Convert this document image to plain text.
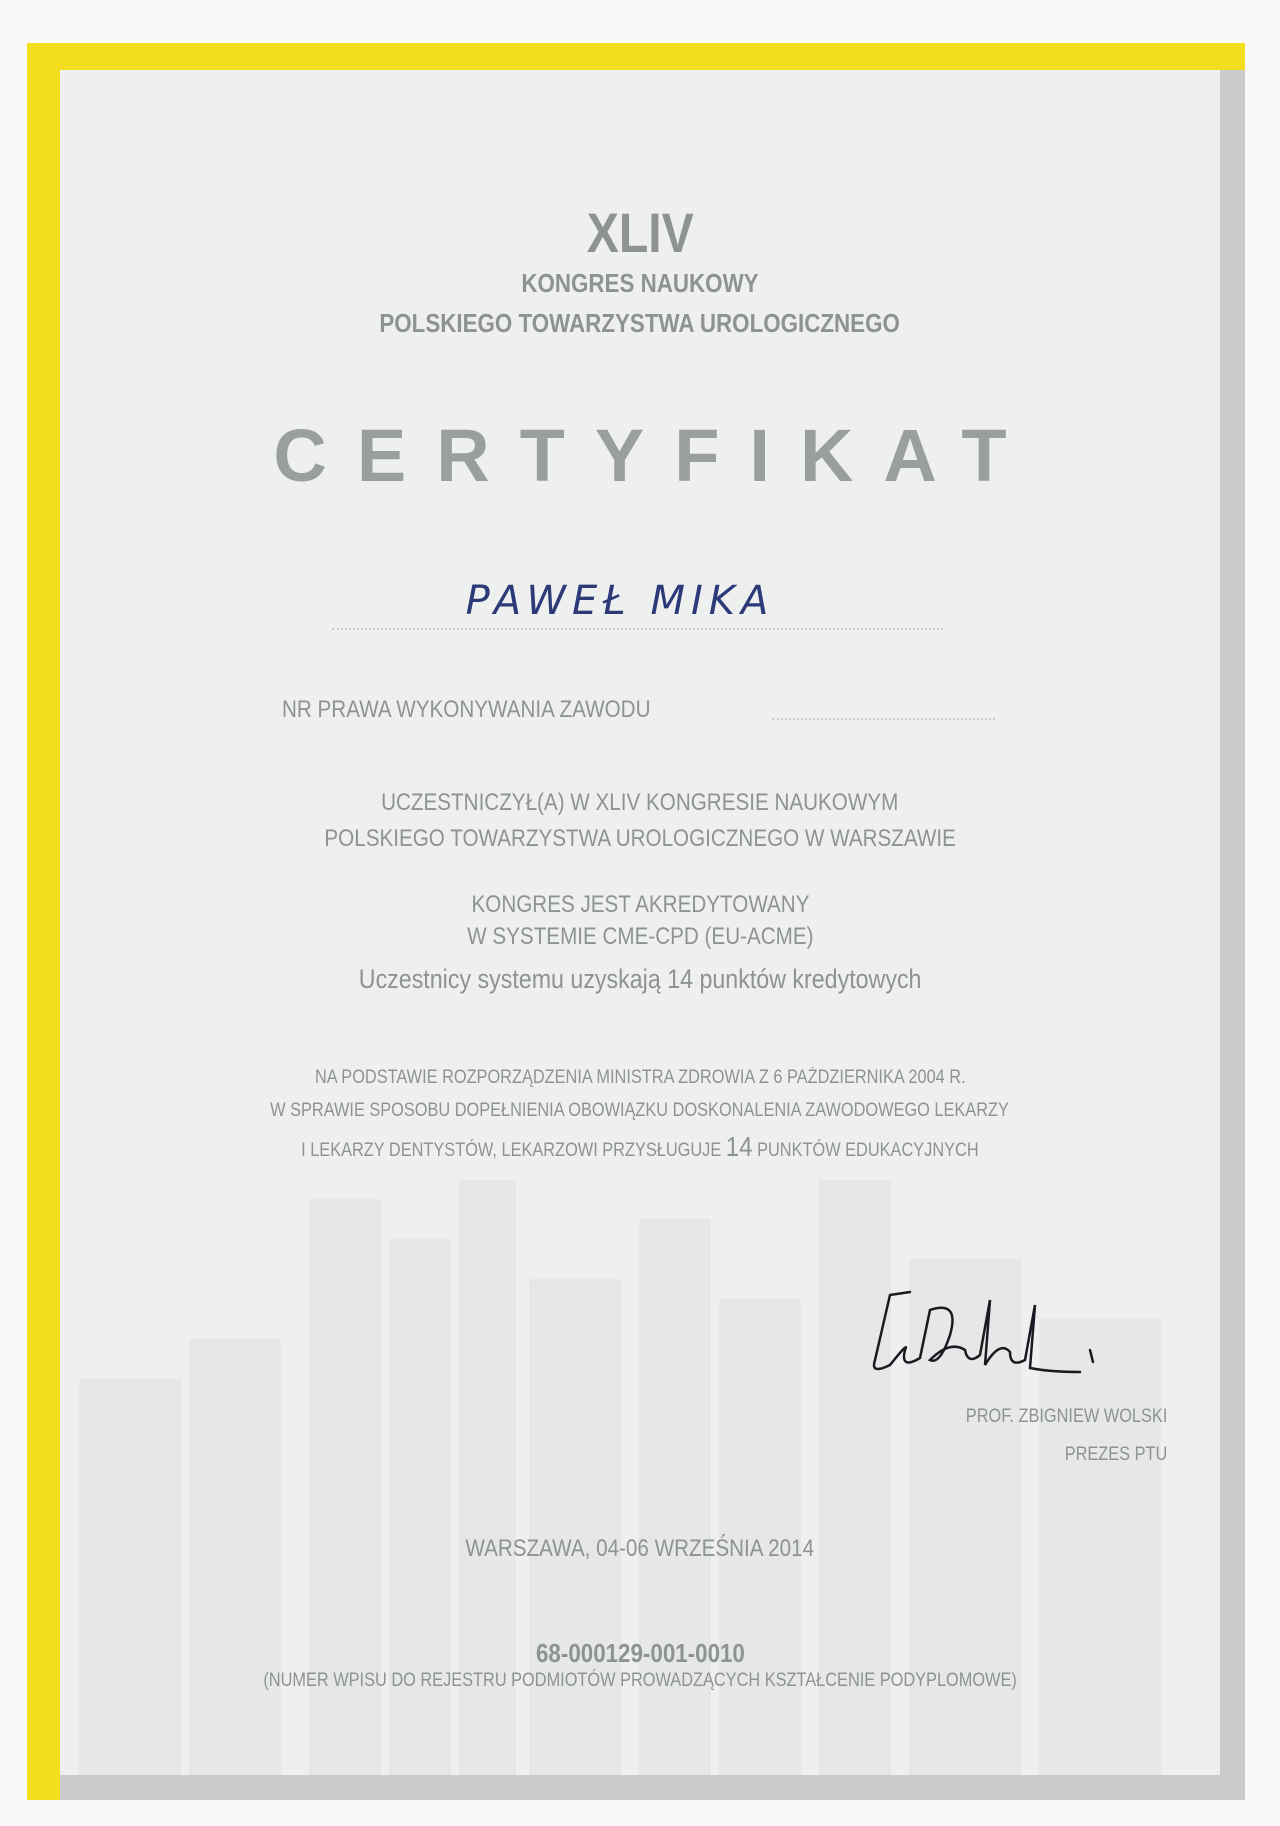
XLIV
KONGRES NAUKOWY
POLSKIEGO TOWARZYSTWA UROLOGICZNEGO
CERTYFIKAT
PAWEŁ MIKA
NR PRAWA WYKONYWANIA ZAWODU
UCZESTNICZYŁ(A) W XLIV KONGRESIE NAUKOWYM
POLSKIEGO TOWARZYSTWA UROLOGICZNEGO W WARSZAWIE
KONGRES JEST AKREDYTOWANY
W SYSTEMIE CME-CPD (EU-ACME)
Uczestnicy systemu uzyskają 14 punktów kredytowych
NA PODSTAWIE ROZPORZĄDZENIA MINISTRA ZDROWIA Z 6 PAŹDZIERNIKA 2004 R.
W SPRAWIE SPOSOBU DOPEŁNIENIA OBOWIĄZKU DOSKONALENIA ZAWODOWEGO LEKARZY
I LEKARZY DENTYSTÓW, LEKARZOWI PRZYSŁUGUJE 14 PUNKTÓW EDUKACYJNYCH
PROF. ZBIGNIEW WOLSKI
PREZES PTU
WARSZAWA, 04-06 WRZEŚNIA 2014
68-000129-001-0010
(NUMER WPISU DO REJESTRU PODMIOTÓW PROWADZĄCYCH KSZTAŁCENIE PODYPLOMOWE)
